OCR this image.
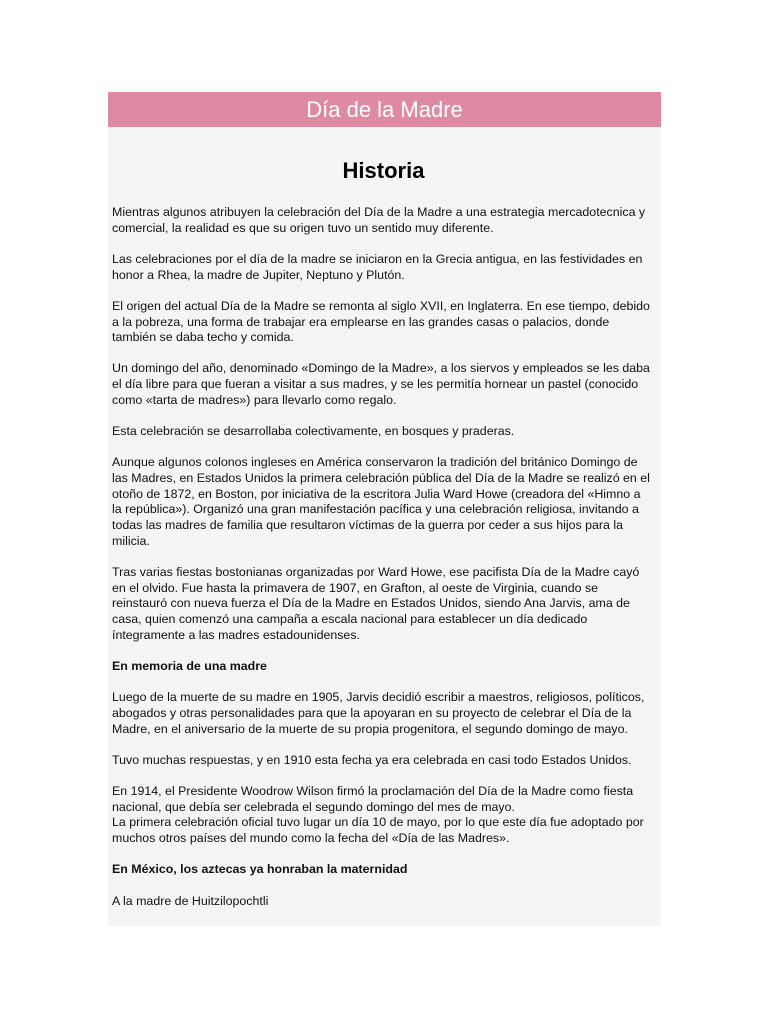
Día de la Madre
Historia
Mientras algunos atribuyen la celebración del Día de la Madre a una estrategia mercadotecnica y
comercial, la realidad es que su origen tuvo un sentido muy diferente.
Las celebraciones por el día de la madre se iniciaron en la Grecia antigua, en las festividades en
honor a Rhea, la madre de Jupiter, Neptuno y Plutón.
El origen del actual Día de la Madre se remonta al siglo XVII, en Inglaterra. En ese tiempo, debido
a la pobreza, una forma de trabajar era emplearse en las grandes casas o palacios, donde
también se daba techo y comida.
Un domingo del año, denominado «Domingo de la Madre», a los siervos y empleados se les daba
el día libre para que fueran a visitar a sus madres, y se les permitía hornear un pastel (conocido
como «tarta de madres») para llevarlo como regalo.
Esta celebración se desarrollaba colectivamente, en bosques y praderas.
Aunque algunos colonos ingleses en América conservaron la tradición del británico Domingo de
las Madres, en Estados Unidos la primera celebración pública del Día de la Madre se realizó en el
otoño de 1872, en Boston, por iniciativa de la escritora Julia Ward Howe (creadora del «Himno a
la república»). Organizó una gran manifestación pacífica y una celebración religiosa, invitando a
todas las madres de familia que resultaron víctimas de la guerra por ceder a sus hijos para la
milicia.
Tras varias fiestas bostonianas organizadas por Ward Howe, ese pacifista Día de la Madre cayó
en el olvido. Fue hasta la primavera de 1907, en Grafton, al oeste de Virginia, cuando se
reinstauró con nueva fuerza el Día de la Madre en Estados Unidos, siendo Ana Jarvis, ama de
casa, quien comenzó una campaña a escala nacional para establecer un día dedicado
íntegramente a las madres estadounidenses.
En memoria de una madre
Luego de la muerte de su madre en 1905, Jarvis decidió escribir a maestros, religiosos, políticos,
abogados y otras personalidades para que la apoyaran en su proyecto de celebrar el Día de la
Madre, en el aniversario de la muerte de su propia progenitora, el segundo domingo de mayo.
Tuvo muchas respuestas, y en 1910 esta fecha ya era celebrada en casi todo Estados Unidos.
En 1914, el Presidente Woodrow Wilson firmó la proclamación del Día de la Madre como fiesta
nacional, que debía ser celebrada el segundo domingo del mes de mayo.
La primera celebración oficial tuvo lugar un día 10 de mayo, por lo que este día fue adoptado por
muchos otros países del mundo como la fecha del «Día de las Madres».
En México, los aztecas ya honraban la maternidad
A la madre de Huitzilopochtli
